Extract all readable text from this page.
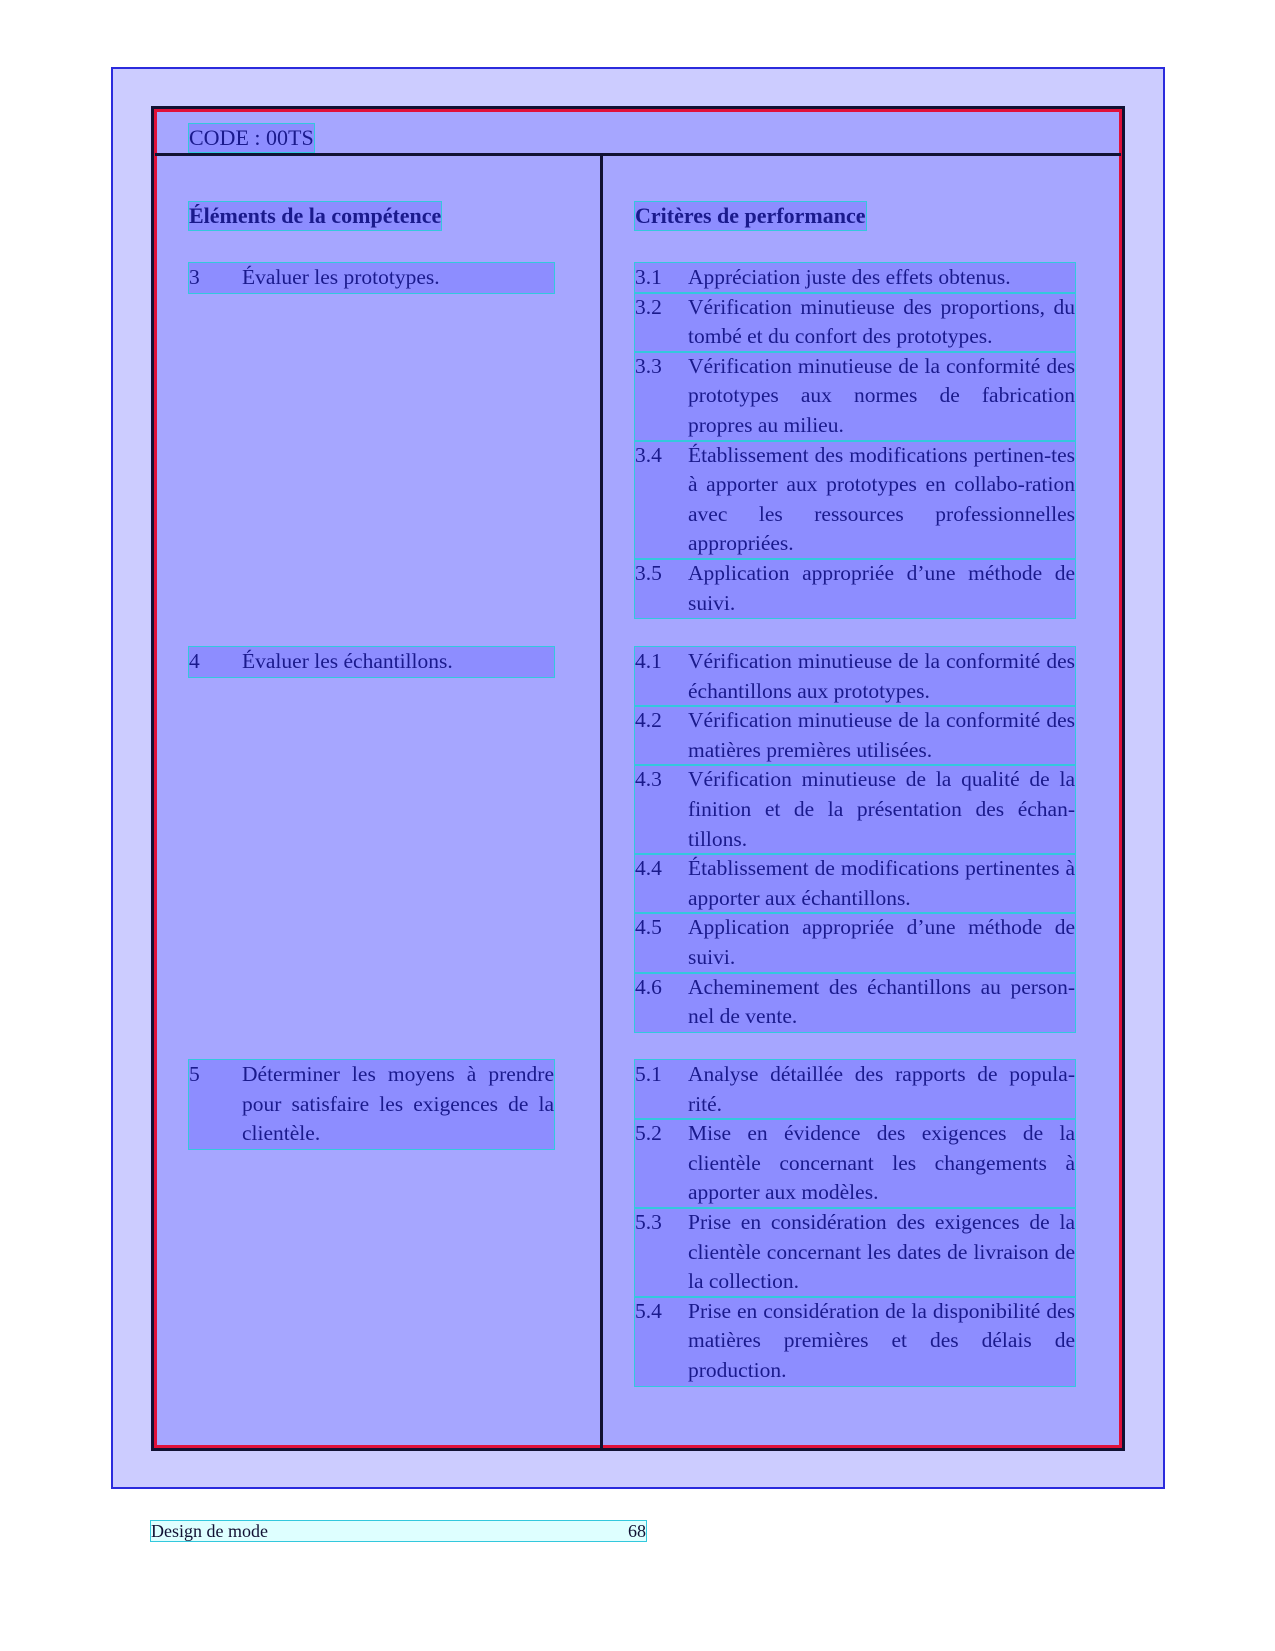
CODE : 00TS
Éléments de la compétence	Critères de performance
3	Évaluer les prototypes.	3.1	Appréciation juste des effets obtenus.
3.2	Vérification minutieuse des proportions, du tombé et du confort des prototypes.
3.3	Vérification minutieuse de la conformité des prototypes aux normes de fabrication propres au milieu.
3.4	Établissement des modifications pertinen-tes à apporter aux prototypes en collabo-ration avec les ressources professionnelles appropriées.
3.5	Application appropriée d’une méthode de suivi.
4	Évaluer les échantillons.	4.1	Vérification minutieuse de la conformité des échantillons aux prototypes.
4.2	Vérification minutieuse de la conformité des matières premières utilisées.
4.3	Vérification minutieuse de la qualité de la finition et de la présentation des échan-tillons.
4.4	Établissement de modifications pertinentes à apporter aux échantillons.
4.5	Application appropriée d’une méthode de suivi.
4.6	Acheminement des échantillons au person-nel de vente.
5	Déterminer les moyens à prendre pour satisfaire les exigences de la clientèle.
5.1	Analyse détaillée des rapports de popula-rité.
5.2	Mise en évidence des exigences de la clientèle concernant les changements à apporter aux modèles.
5.3	Prise en considération des exigences de la clientèle concernant les dates de livraison de la collection.
5.4	Prise en considération de la disponibilité des matières premières et des délais de production.
Design de mode	68
